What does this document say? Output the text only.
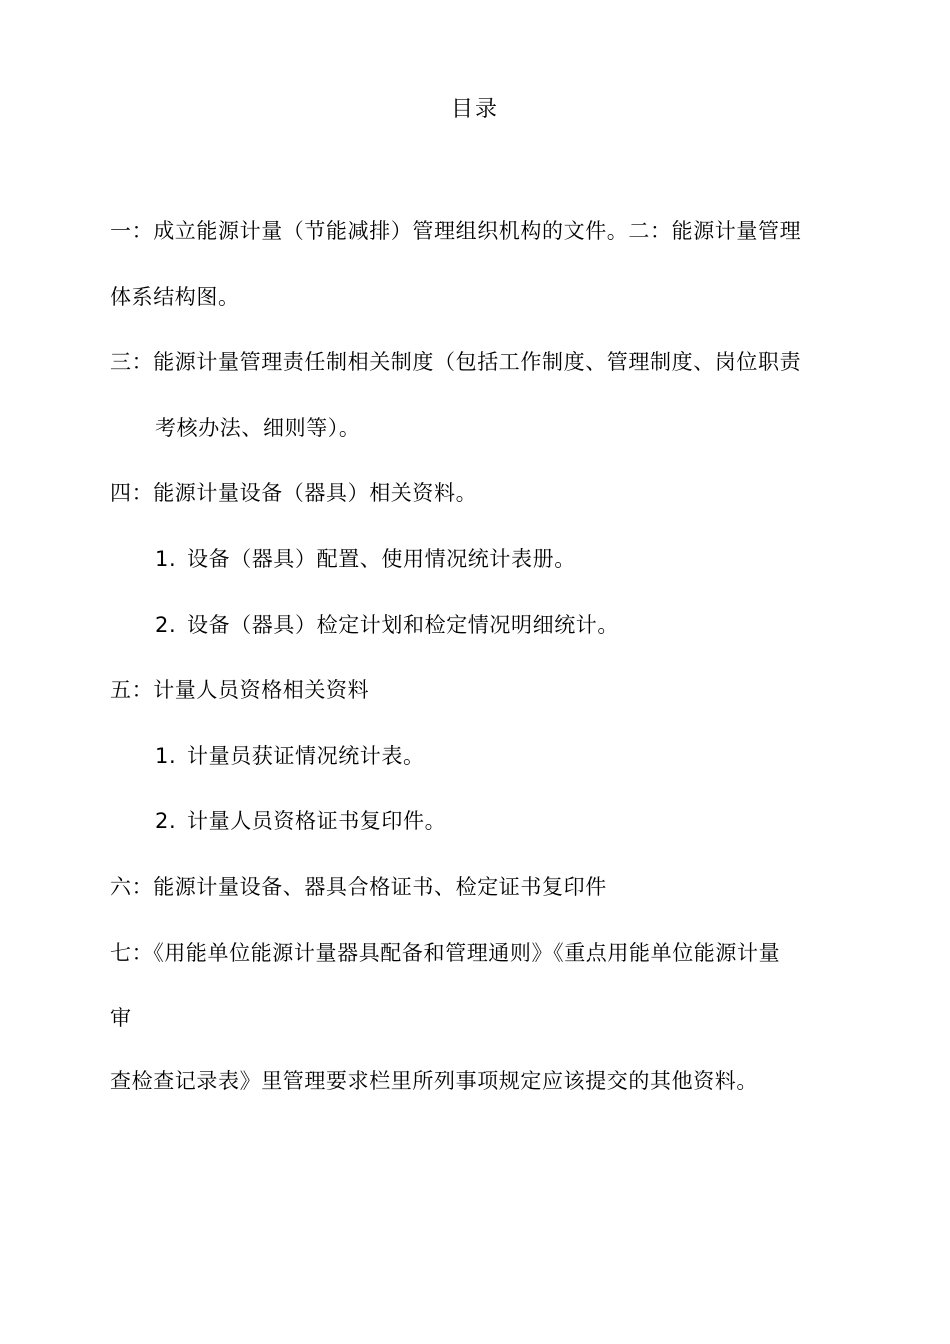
目录
一：成立能源计量（节能减排）管理组织机构的文件。二：能源计量管理
体系结构图。
三：能源计量管理责任制相关制度（包括工作制度、管理制度、岗位职责
考核办法、细则等）。
四：能源计量设备（器具）相关资料。
1. 设备（器具）配置、使用情况统计表册。
2. 设备（器具）检定计划和检定情况明细统计。
五：计量人员资格相关资料
1. 计量员获证情况统计表。
2. 计量人员资格证书复印件。
六：能源计量设备、器具合格证书、检定证书复印件
七：《用能单位能源计量器具配备和管理通则》《重点用能单位能源计量
审
查检查记录表》里管理要求栏里所列事项规定应该提交的其他资料。
